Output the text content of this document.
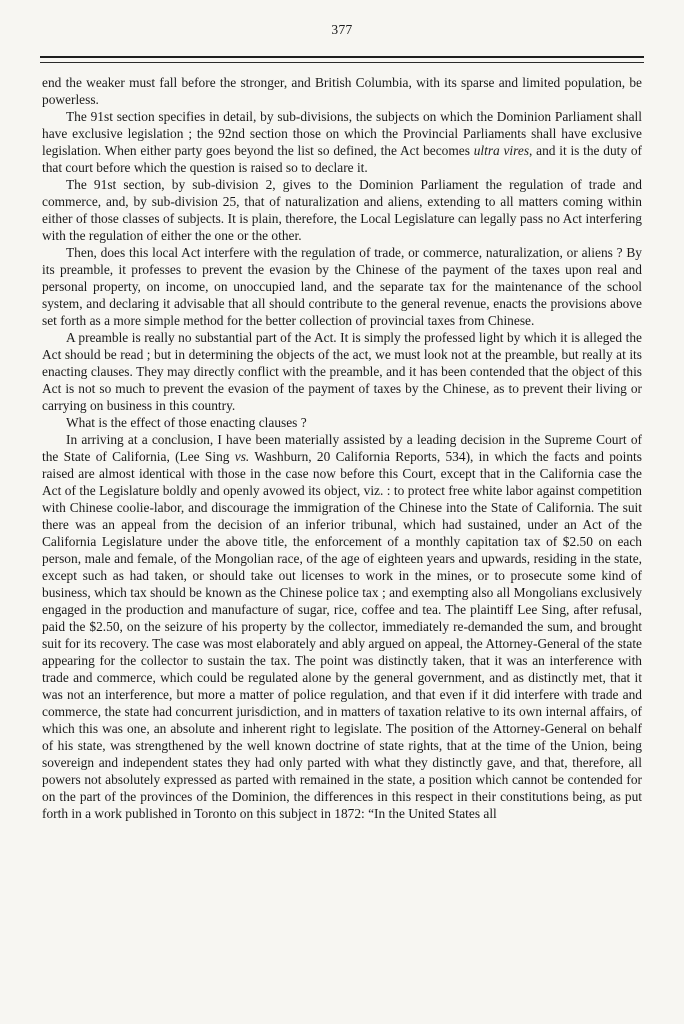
377

end the weaker must fall before the stronger, and British Columbia, with its sparse and limited population, be powerless.

The 91st section specifies in detail, by sub-divisions, the subjects on which the Dominion Parliament shall have exclusive legislation ; the 92nd section those on which the Provincial Parliaments shall have exclusive legislation. When either party goes beyond the list so defined, the Act becomes ultra vires, and it is the duty of that court before which the question is raised so to declare it.

The 91st section, by sub-division 2, gives to the Dominion Parliament the regulation of trade and commerce, and, by sub-division 25, that of naturalization and aliens, extending to all matters coming within either of those classes of subjects. It is plain, therefore, the Local Legislature can legally pass no Act interfering with the regulation of either the one or the other.

Then, does this local Act interfere with the regulation of trade, or commerce, naturalization, or aliens ? By its preamble, it professes to prevent the evasion by the Chinese of the payment of the taxes upon real and personal property, on income, on unoccupied land, and the separate tax for the maintenance of the school system, and declaring it advisable that all should contribute to the general revenue, enacts the provisions above set forth as a more simple method for the better collection of provincial taxes from Chinese.

A preamble is really no substantial part of the Act. It is simply the professed light by which it is alleged the Act should be read ; but in determining the objects of the act, we must look not at the preamble, but really at its enacting clauses. They may directly conflict with the preamble, and it has been contended that the object of this Act is not so much to prevent the evasion of the payment of taxes by the Chinese, as to prevent their living or carrying on business in this country.

What is the effect of those enacting clauses ?

In arriving at a conclusion, I have been materially assisted by a leading decision in the Supreme Court of the State of California, (Lee Sing vs. Washburn, 20 California Reports, 534), in which the facts and points raised are almost identical with those in the case now before this Court, except that in the California case the Act of the Legislature boldly and openly avowed its object, viz. : to protect free white labor against competition with Chinese coolie-labor, and discourage the immigration of the Chinese into the State of California. The suit there was an appeal from the decision of an inferior tribunal, which had sustained, under an Act of the California Legislature under the above title, the enforcement of a monthly capitation tax of $2.50 on each person, male and female, of the Mongolian race, of the age of eighteen years and upwards, residing in the state, except such as had taken, or should take out licenses to work in the mines, or to prosecute some kind of business, which tax should be known as the Chinese police tax ; and exempting also all Mongolians exclusively engaged in the production and manufacture of sugar, rice, coffee and tea. The plaintiff Lee Sing, after refusal, paid the $2.50, on the seizure of his property by the collector, immediately re-demanded the sum, and brought suit for its recovery. The case was most elaborately and ably argued on appeal, the Attorney-General of the state appearing for the collector to sustain the tax. The point was distinctly taken, that it was an interference with trade and commerce, which could be regulated alone by the general government, and as distinctly met, that it was not an interference, but more a matter of police regulation, and that even if it did interfere with trade and commerce, the state had concurrent jurisdiction, and in matters of taxation relative to its own internal affairs, of which this was one, an absolute and inherent right to legislate. The position of the Attorney-General on behalf of his state, was strengthened by the well known doctrine of state rights, that at the time of the Union, being sovereign and independent states they had only parted with what they distinctly gave, and that, therefore, all powers not absolutely expressed as parted with remained in the state, a position which cannot be contended for on the part of the provinces of the Dominion, the differences in this respect in their constitutions being, as put forth in a work published in Toronto on this subject in 1872: “In the United States all
